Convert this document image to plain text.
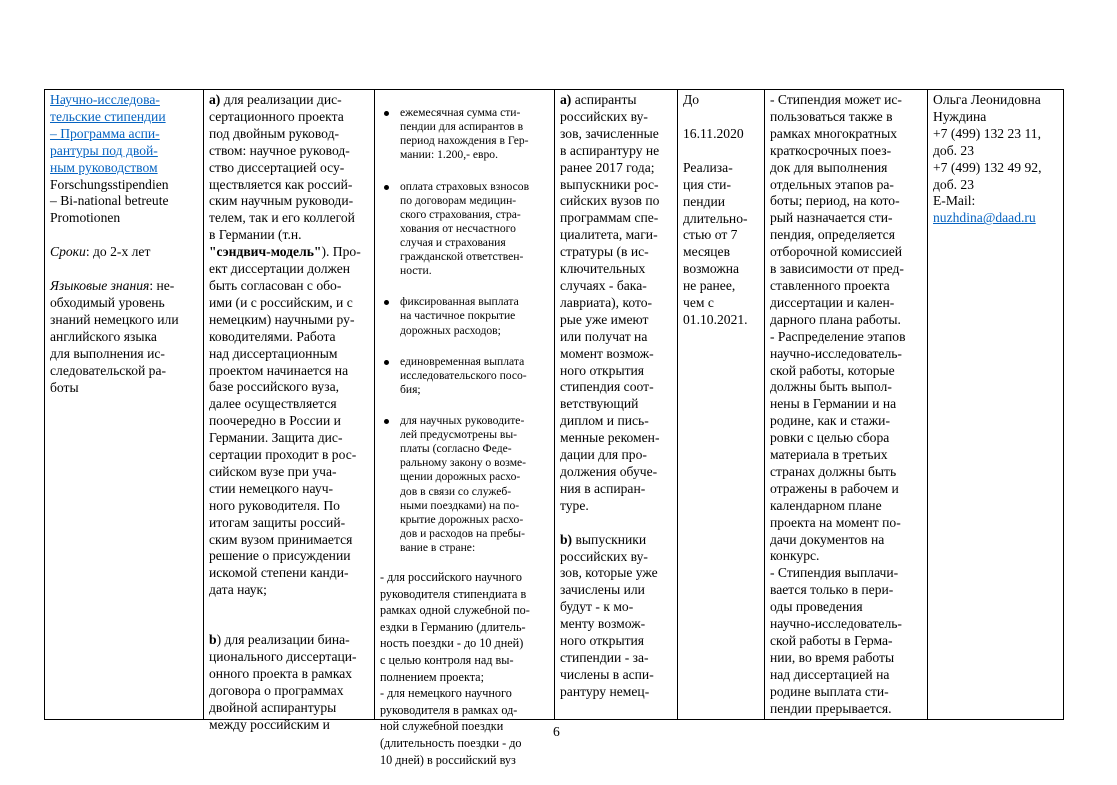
Научно-исследова-
тельские стипендии
– Программа аспи-
рантуры под двой-
ным руководством

Forschungsstipendien
– Bi-national betreute
Promotionen

Сроки: до 2-х лет

Языковые знания: не-
обходимый уровень
знаний немецкого или
английского языка
для выполнения ис-
следовательской ра-
боты

а) для реализации дис-
сертационного проекта
под двойным руковод-
ством: научное руковод-
ство диссертацией осу-
ществляется как россий-
ским научным руководи-
телем, так и его коллегой
в Германии (т.н.
"сэндвич-модель"). Про-
ект диссертации должен
быть согласован с обо-
ими (и с российским, и с
немецким) научными ру-
ководителями. Работа
над диссертационным
проектом начинается на
базе российского вуза,
далее осуществляется
поочередно в России и
Германии. Защита дис-
сертации проходит в рос-
сийском вузе при уча-
стии немецкого науч-
ного руководителя. По
итогам защиты россий-
ским вузом принимается
решение о присуждении
искомой степени канди-
дата наук;

b) для реализации бина-
ционального диссертаци-
онного проекта в рамках
договора о программах
двойной аспирантуры
между российским и

ежемесячная сумма сти-
пендии для аспирантов в
период нахождения в Гер-
мании: 1.200,- евро.

оплата страховых взносов
по договорам медицин-
ского страхования, стра-
хования от несчастного
случая и страхования
гражданской ответствен-
ности.

фиксированная выплата
на частичное покрытие
дорожных расходов;

единовременная выплата
исследовательского посо-
бия;

для научных руководите-
лей предусмотрены вы-
платы (согласно Феде-
ральному закону о возме-
щении дорожных расхо-
дов в связи со служеб-
ными поездками) на по-
крытие дорожных расхо-
дов и расходов на пребы-
вание в стране:

- для российского научного
руководителя стипендиата в
рамках одной служебной по-
ездки в Германию (длитель-
ность поездки - до 10 дней)
с целью контроля над вы-
полнением проекта;
- для немецкого научного
руководителя в рамках од-
ной служебной поездки
(длительность поездки - до
10 дней) в российский вуз

а) аспиранты
российских ву-
зов, зачисленные
в аспирантуру не
ранее 2017 года;
выпускники рос-
сийских вузов по
программам спе-
циалитета, маги-
стратуры (в ис-
ключительных
случаях - бака-
лавриата), кото-
рые уже имеют
или получат на
момент возмож-
ного открытия
стипендия соот-
ветствующий
диплом и пись-
менные рекомен-
дации для про-
должения обуче-
ния в аспиран-
туре.

b) выпускники
российских ву-
зов, которые уже
зачислены или
будут - к мо-
менту возмож-
ного открытия
стипендии - за-
числены в аспи-
рантуру немец-

До

16.11.2020

Реализа-
ция сти-
пендии
длительно-
стью от 7
месяцев
возможна
не ранее,
чем с
01.10.2021.

- Стипендия может ис-
пользоваться также в
рамках многократных
краткосрочных поез-
док для выполнения
отдельных этапов ра-
боты; период, на кото-
рый назначается сти-
пендия, определяется
отборочной комиссией
в зависимости от пред-
ставленного проекта
диссертации и кален-
дарного плана работы.
- Распределение этапов
научно-исследователь-
ской работы, которые
должны быть выпол-
нены в Германии и на
родине, как и стажи-
ровки с целью сбора
материала в третьих
странах должны быть
отражены в рабочем и
календарном плане
проекта на момент по-
дачи документов на
конкурс.
- Стипендия выплачи-
вается только в пери-
оды проведения
научно-исследователь-
ской работы в Герма-
нии, во время работы
над диссертацией на
родине выплата сти-
пендии прерывается.

Ольга Леонидовна
Нуждина

+7 (499) 132 23 11,
доб. 23

+7 (499) 132 49 92,
доб. 23

E-Mail:

nuzhdina@daad.ru

6
